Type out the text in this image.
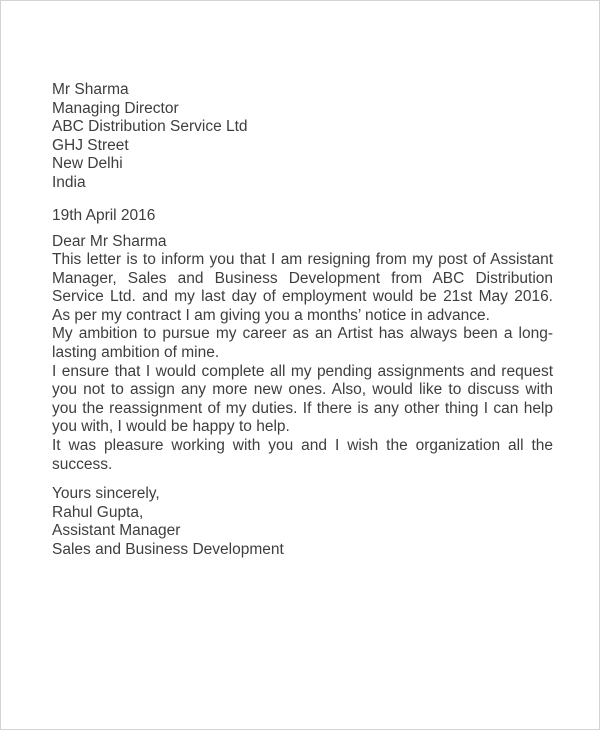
Mr Sharma
Managing Director
ABC Distribution Service Ltd
GHJ Street
New Delhi
India
19th April 2016
Dear Mr Sharma
This letter is to inform you that I am resigning from my post of Assistant
Manager, Sales and Business Development from ABC Distribution
Service Ltd. and my last day of employment would be 21st May 2016.
As per my contract I am giving you a months’ notice in advance.
My ambition to pursue my career as an Artist has always been a long-
lasting ambition of mine.
I ensure that I would complete all my pending assignments and request
you not to assign any more new ones. Also, would like to discuss with
you the reassignment of my duties. If there is any other thing I can help
you with, I would be happy to help.
It was pleasure working with you and I wish the organization all the
success.
Yours sincerely,
Rahul Gupta,
Assistant Manager
Sales and Business Development
